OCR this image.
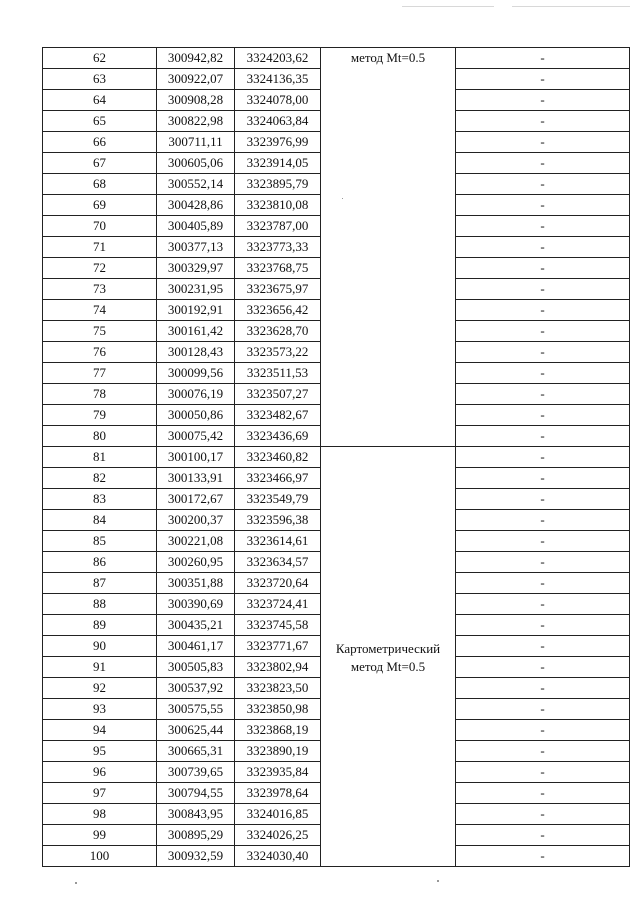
62	300942,82	3324203,62	метод Мt=0.5	-
63	300922,07	3324136,35		-
64	300908,28	3324078,00		-
65	300822,98	3324063,84		-
66	300711,11	3323976,99		-
67	300605,06	3323914,05		-
68	300552,14	3323895,79		-
69	300428,86	3323810,08		-
70	300405,89	3323787,00		-
71	300377,13	3323773,33		-
72	300329,97	3323768,75		-
73	300231,95	3323675,97		-
74	300192,91	3323656,42		-
75	300161,42	3323628,70		-
76	300128,43	3323573,22		-
77	300099,56	3323511,53		-
78	300076,19	3323507,27		-
79	300050,86	3323482,67		-
80	300075,42	3323436,69		-
81	300100,17	3323460,82	Картометрический
метод Мt=0.5	-
82	300133,91	3323466,97		-
83	300172,67	3323549,79		-
84	300200,37	3323596,38		-
85	300221,08	3323614,61		-
86	300260,95	3323634,57		-
87	300351,88	3323720,64		-
88	300390,69	3323724,41		-
89	300435,21	3323745,58		-
90	300461,17	3323771,67		-
91	300505,83	3323802,94		-
92	300537,92	3323823,50		-
93	300575,55	3323850,98		-
94	300625,44	3323868,19		-
95	300665,31	3323890,19		-
96	300739,65	3323935,84		-
97	300794,55	3323978,64		-
98	300843,95	3324016,85		-
99	300895,29	3324026,25		-
100	300932,59	3324030,40		-
